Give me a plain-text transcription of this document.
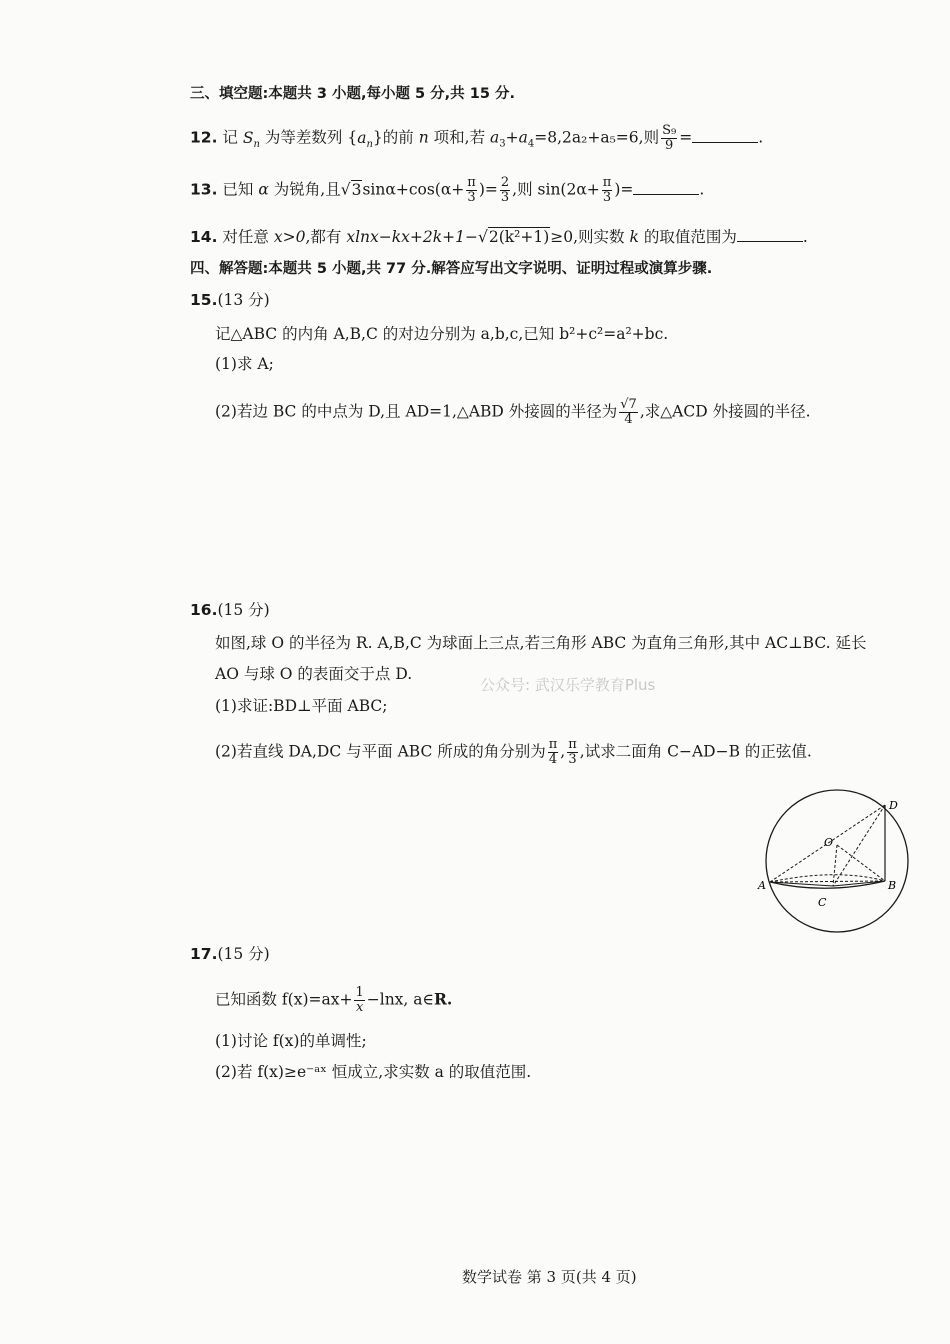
三、填空题:本题共 3 小题,每小题 5 分,共 15 分.
12. 记 $S_n$ 为等差数列 $\{a_n\}$的前 n 项和,若 $a_3+a_4=8,2a_2+a_5=6$,则 $\frac{\text{S₉}}{9}$ =	.
13. 已知 α 为锐角,且$√3\sin\alpha+\cos(\alpha+ \frac{\pi}{3}$ )= $\frac{2}{3}$ ,则 $\sin(2\alpha+ \frac{\pi}{3}$ )=	.
14. 对任意 x>0,都有 xlnx−kx+2k+1−√2(k²+1)≥0,则实数 k 的取值范围为	.
四、解答题:本题共 5 小题,共 77 分.解答应写出文字说明、证明过程或演算步骤.
15.(13 分)
记△ABC 的内角 A,B,C 的对边分别为 a,b,c,已知 b²+c²=a²+bc.
(1)求 A;
(2)若边 BC 的中点为 D,且 AD=1,△ABD 外接圆的半径为 $\frac{√7}{4}$ ,求△ACD 外接圆的半径.
16.(15 分)
如图,球 O 的半径为 R. A,B,C 为球面上三点,若三角形 ABC 为直角三角形,其中 AC⊥BC. 延长
AO 与球 O 的表面交于点 D.
(1)求证:BD⊥平面 ABC;
(2)若直线 DA,DC 与平面 ABC 所成的角分别为 $\frac{\pi}{4}$ , $\frac{\pi}{3}$ ,试求二面角 C−AD−B 的正弦值.
公众号: 武汉乐学教育Plus
D
O
A	B
C
17.(15 分)
已知函数 $f(x)=ax+ \frac{1}{x} -\ln x$, a∈R.
(1)讨论 f(x)的单调性;
(2)若 f(x)≥e⁻ᵃˣ 恒成立,求实数 a 的取值范围.
数学试卷 第 3 页(共 4 页)
